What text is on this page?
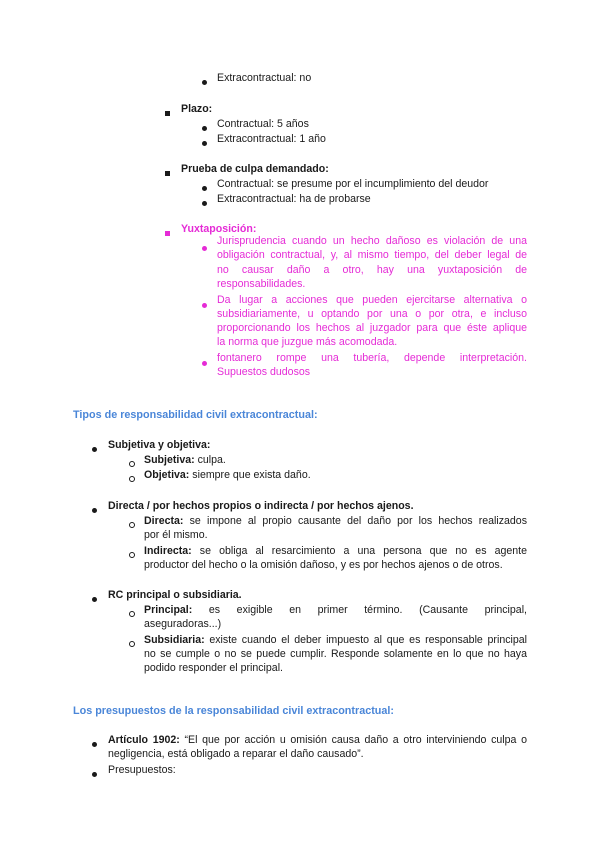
Extracontractual: no
Plazo:
Contractual: 5 años
Extracontractual: 1 año
Prueba de culpa demandado:
Contractual: se presume por el incumplimiento del deudor
Extracontractual: ha de probarse
Yuxtaposición:
Jurisprudencia cuando un hecho dañoso es violación de una
obligación contractual, y, al mismo tiempo, del deber legal de
no causar daño a otro, hay una yuxtaposición de
responsabilidades.
Da lugar a acciones que pueden ejercitarse alternativa o
subsidiariamente, u optando por una o por otra, e incluso
proporcionando los hechos al juzgador para que éste aplique
la norma que juzgue más acomodada.
fontanero rompe una tubería, depende interpretación.
Supuestos dudosos
Tipos de responsabilidad civil extracontractual:
Subjetiva y objetiva:
Subjetiva: culpa.
Objetiva: siempre que exista daño.
Directa / por hechos propios o indirecta / por hechos ajenos.
Directa: se impone al propio causante del daño por los hechos realizados
por él mismo.
Indirecta: se obliga al resarcimiento a una persona que no es agente
productor del hecho o la omisión dañoso, y es por hechos ajenos o de otros.
RC principal o subsidiaria.
Principal: es exigible en primer término. (Causante principal,
aseguradoras...)
Subsidiaria: existe cuando el deber impuesto al que es responsable principal
no se cumple o no se puede cumplir. Responde solamente en lo que no haya
podido responder el principal.
Los presupuestos de la responsabilidad civil extracontractual:
Artículo 1902: “El que por acción u omisión causa daño a otro interviniendo culpa o
negligencia, está obligado a reparar el daño causado”.
Presupuestos:
